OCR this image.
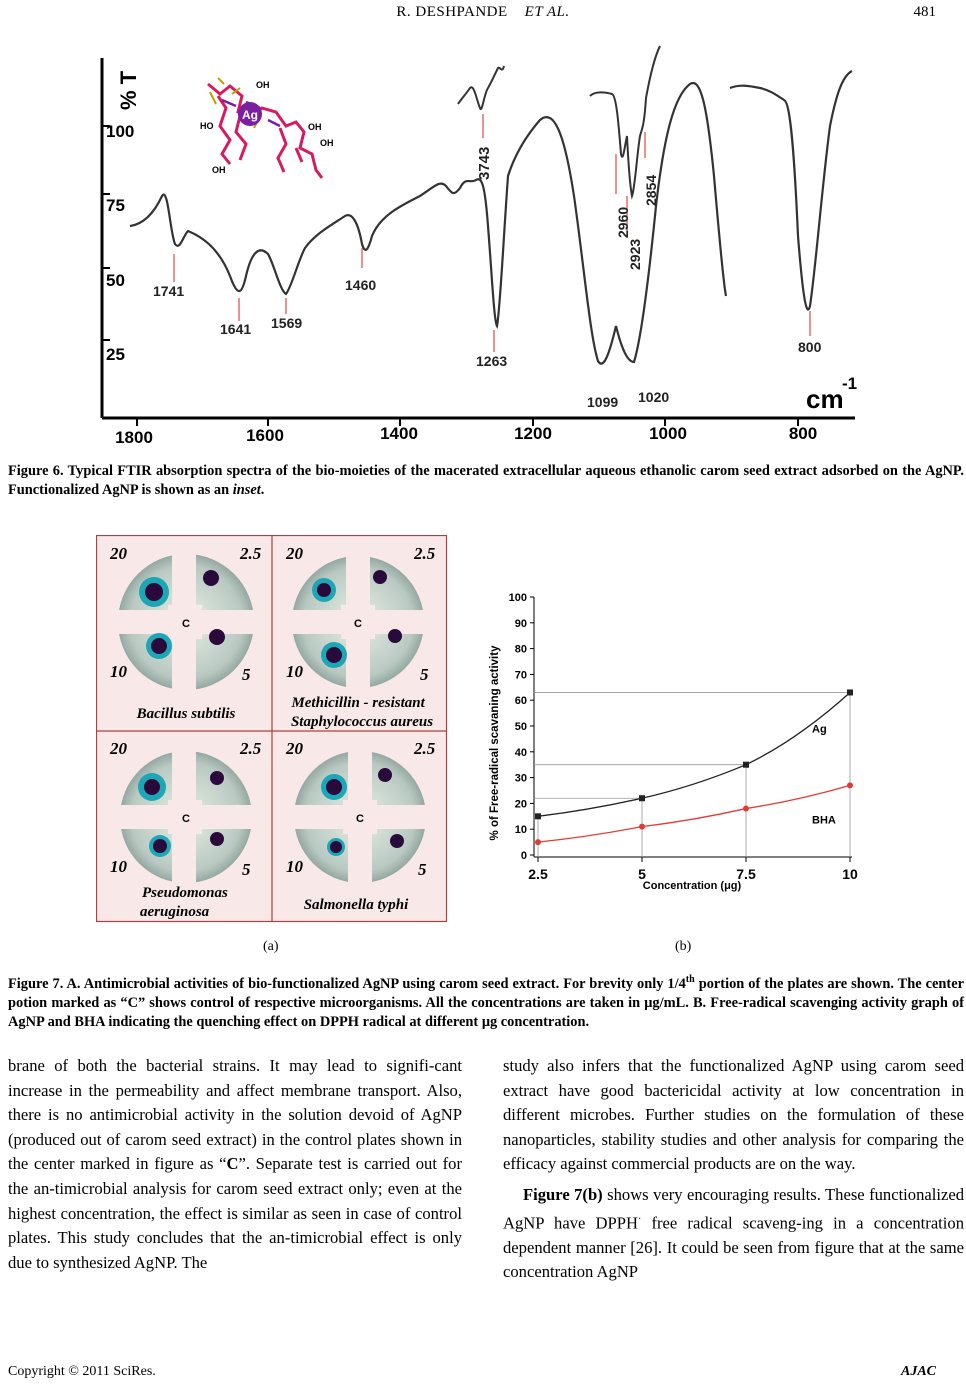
R. DESHPANDE ET AL.	481
% T
100
75
50
25
1800	1600	1400	1200	1000	800
cm
-1
1741
1641 1569
1460
3743
1263
1099 1020
2960
2923
2854
800
Ag
0
OH
HO	OH
OH
OH
Figure 6. Typical FTIR absorption spectra of the bio-moieties of the macerated extracellular aqueous ethanolic carom seed extract adsorbed on the AgNP. Functionalized AgNP is shown as an inset.
C
20	2.5
10	5
Bacillus subtilis
C
20	2.5
10	5
Methicillin - resistant Staphylococcus aureus
C
20	2.5
10	5
Pseudomonas aeruginosa
C
20	2.5
10	5
Salmonella typhi
% of Free-radical scavaning activity
Concentration (μg)
0
10
20
30
40
50
60
70
80
90
100
2.5	5	7.5	10
Ag
BHA
(a)	(b)
Figure 7. A. Antimicrobial activities of bio-functionalized AgNP using carom seed extract. For brevity only 1/4th portion of the plates are shown. The center potion marked as “C” shows control of respective microorganisms. All the concentrations are taken in μg/mL. B. Free-radical scavenging activity graph of AgNP and BHA indicating the quenching effect on DPPH radical at different μg concentration.

brane of both the bacterial strains. It may lead to signifi-cant increase in the permeability and affect membrane transport. Also, there is no antimicrobial activity in the solution devoid of AgNP (produced out of carom seed extract) in the control plates shown in the center marked in figure as “C”. Separate test is carried out for the an-timicrobial analysis for carom seed extract only; even at the highest concentration, the effect is similar as seen in case of control plates. This study concludes that the an-timicrobial effect is only due to synthesized AgNP. The

study also infers that the functionalized AgNP using carom seed extract have good bactericidal activity at low concentration in different microbes. Further studies on the formulation of these nanoparticles, stability studies and other analysis for comparing the efficacy against commercial products are on the way.

Figure 7(b) shows very encouraging results. These functionalized AgNP have DPPH· free radical scaveng-ing in a concentration dependent manner [26]. It could be seen from figure that at the same concentration AgNP

Copyright © 2011 SciRes.	AJAC
